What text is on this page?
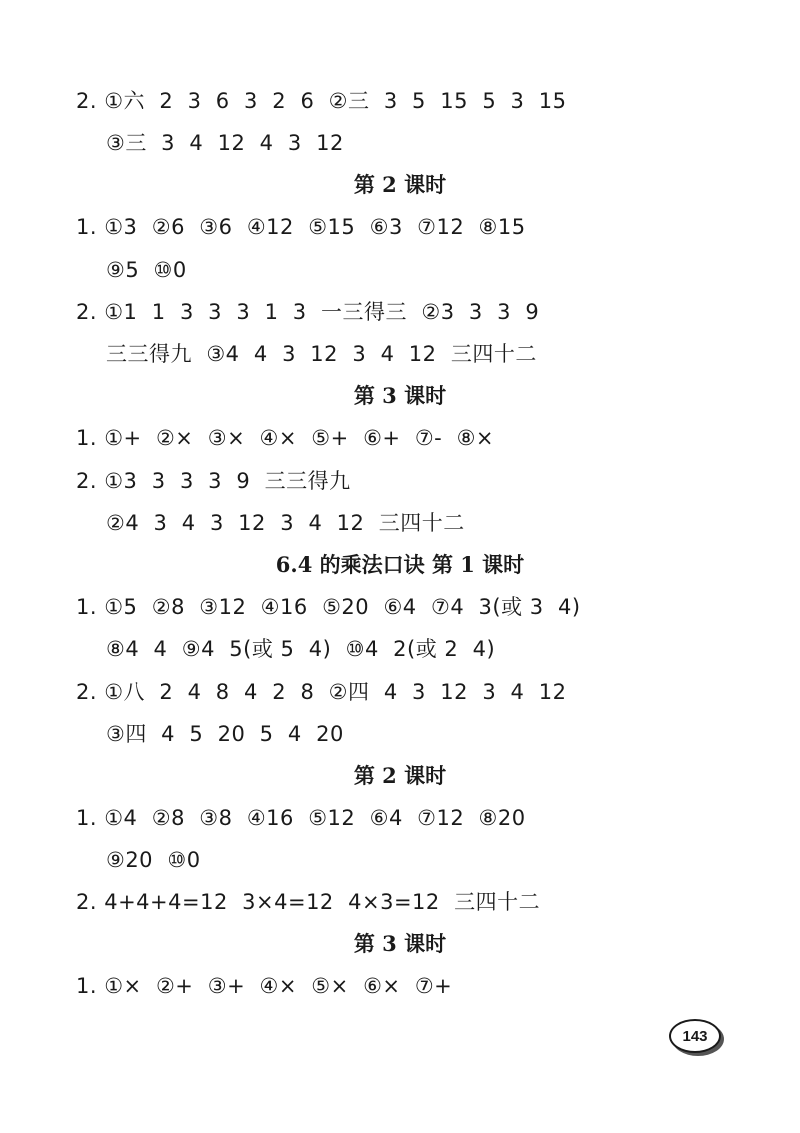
2. ①六  2  3  6  3  2  6  ②三  3  5  15  5  3  15
③三  3  4  12  4  3  12
第 2 课时
1. ①3  ②6  ③6  ④12  ⑤15  ⑥3  ⑦12  ⑧15
⑨5  ⑩0
2. ①1  1  3  3  3  1  3  一三得三  ②3  3  3  9
三三得九  ③4  4  3  12  3  4  12  三四十二
第 3 课时
1. ①+  ②×  ③×  ④×  ⑤+  ⑥+  ⑦-  ⑧×
2. ①3  3  3  3  9  三三得九
②4  3  4  3  12  3  4  12  三四十二
6.4 的乘法口诀 第 1 课时
1. ①5  ②8  ③12  ④16  ⑤20  ⑥4  ⑦4  3(或 3  4)
⑧4  4  ⑨4  5(或 5  4)  ⑩4  2(或 2  4)
2. ①八  2  4  8  4  2  8  ②四  4  3  12  3  4  12
③四  4  5  20  5  4  20
第 2 课时
1. ①4  ②8  ③8  ④16  ⑤12  ⑥4  ⑦12  ⑧20
⑨20  ⑩0
2. 4+4+4=12  3×4=12  4×3=12  三四十二
第 3 课时
1. ①×  ②+  ③+  ④×  ⑤×  ⑥×  ⑦+
143
